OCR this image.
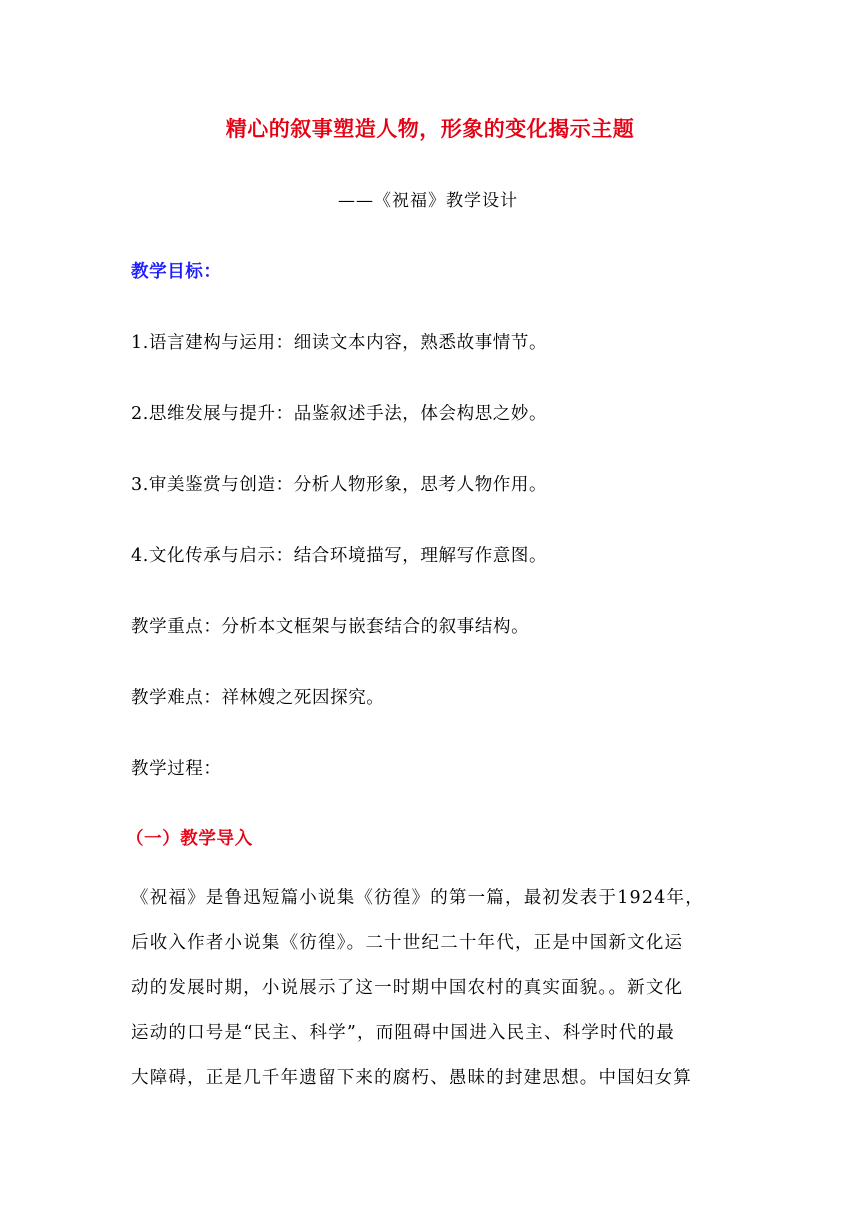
精心的叙事塑造人物，形象的变化揭示主题
——《祝福》教学设计
教学目标：
1.语言建构与运用：细读文本内容，熟悉故事情节。
2.思维发展与提升：品鉴叙述手法，体会构思之妙。
3.审美鉴赏与创造：分析人物形象，思考人物作用。
4.文化传承与启示：结合环境描写，理解写作意图。
教学重点：分析本文框架与嵌套结合的叙事结构。
教学难点：祥林嫂之死因探究。
教学过程：
（一）教学导入
《祝福》是鲁迅短篇小说集《彷徨》的第一篇，最初发表于1924年，
后收入作者小说集《彷徨》。二十世纪二十年代，正是中国新文化运
动的发展时期，小说展示了这一时期中国农村的真实面貌。。新文化
运动的口号是“民主、科学”，而阻碍中国进入民主、科学时代的最
大障碍，正是几千年遗留下来的腐朽、愚昧的封建思想。中国妇女算
